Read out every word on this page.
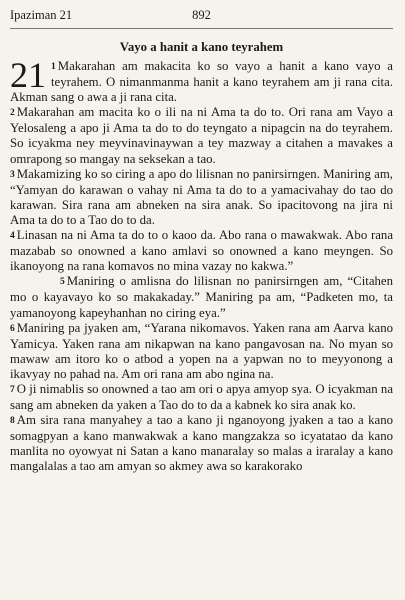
Ipaziman 21	892
Vayo a hanit a kano teyrahem

21 1 Makarahan am makacita ko so vayo a hanit a kano vayo a teyrahem. O nimanmanma hanit a kano teyrahem am ji rana cita. Akman sang o awa a ji rana cita.

2 Makarahan am macita ko o ili na ni Ama ta do to. Ori rana am Vayo a Yelosaleng a apo ji Ama ta do to do teyngato a nipagcin na do teyrahem. So icyakma ney meyvinavinaywan a tey mazway a citahen a mavakes a omrapong so mangay na seksekan a tao.

3 Makamizing ko so ciring a apo do lilisnan no panirsirngen. Maniring am, “Yamyan do karawan o vahay ni Ama ta do to a yamacivahay do tao do karawan. Sira rana am abneken na sira anak. So ipacitovong na jira ni Ama ta do to a Tao do to da.

4 Linasan na ni Ama ta do to o kaoo da. Abo rana o mawakwak. Abo rana mazabab so onowned a kano amlavi so onowned a kano meyngen. So ikanoyong na rana komavos no mina vazay no kakwa.”

5 Maniring o amlisna do lilisnan no panirsirngen am, “Citahen mo o kayavayo ko so makakaday.” Maniring pa am, “Padketen mo, ta yamanoyong kapeyhanhan no ciring eya.”

6 Maniring pa jyaken am, “Yarana nikomavos. Yaken rana am Aarva kano Yamicya. Yaken rana am nikapwan na kano pangavosan na. No myan so mawaw am itoro ko o atbod a yopen na a yapwan no to meyyonong a ikavyay no pahad na. Am ori rana am abo ngina na.

7 O ji nimablis so onowned a tao am ori o apya amyop sya. O icyakman na sang am abneken da yaken a Tao do to da a kabnek ko sira anak ko.

8 Am sira rana manyahey a tao a kano ji nganoyong jyaken a tao a kano somagpyan a kano manwakwak a kano mangzakza so icyatatao da kano manlita no oyowyat ni Satan a kano manaralay so malas a iraralay a kano mangalalas a tao am amyan so akmey awa so karakorako
